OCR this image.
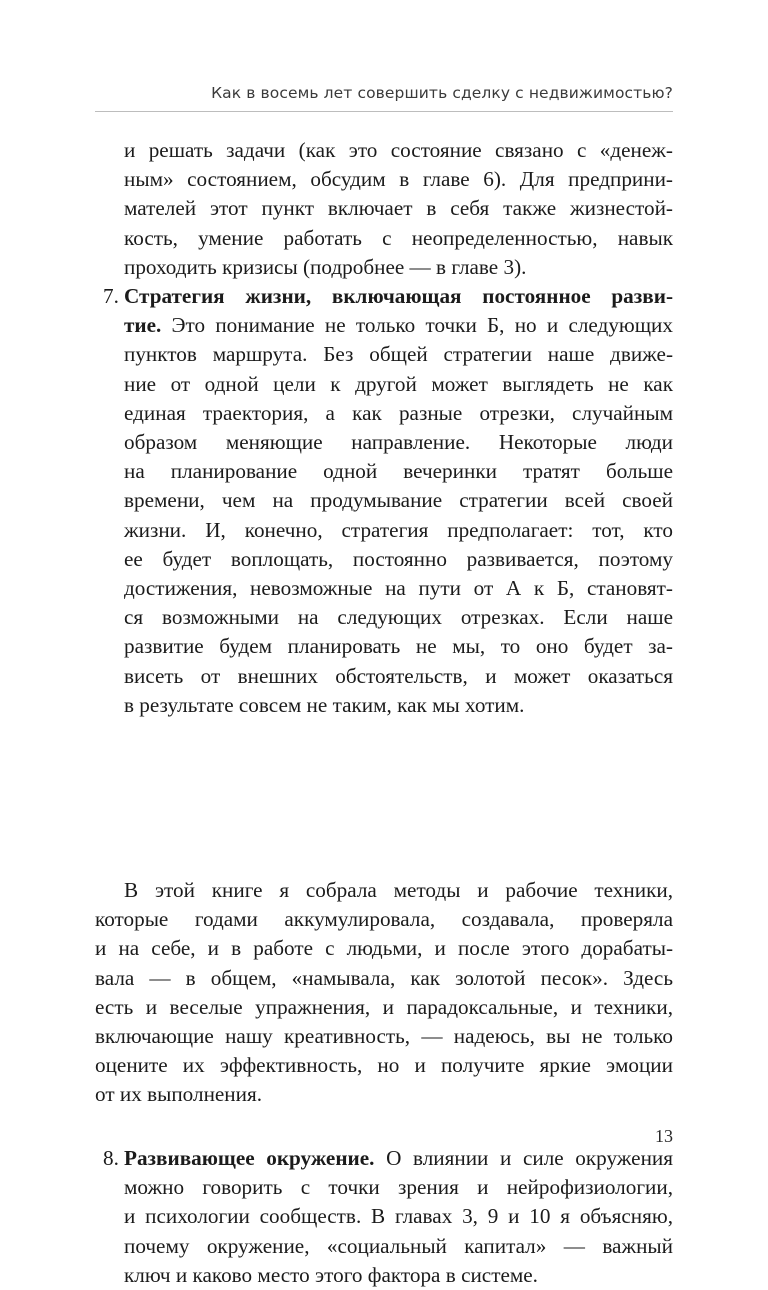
Как в восемь лет совершить сделку с недвижимостью?
и решать задачи (как это состояние связано с «денеж-
ным» состоянием, обсудим в главе 6). Для предприни-
мателей этот пункт включает в себя также жизнестой-
кость, умение работать с неопределенностью, навык
проходить кризисы (подробнее — в главе 3).
7. Стратегия жизни, включающая постоянное разви-
тие. Это понимание не только точки Б, но и следующих
пунктов маршрута. Без общей стратегии наше движе-
ние от одной цели к другой может выглядеть не как
единая траектория, а как разные отрезки, случайным
образом меняющие направление. Некоторые люди
на планирование одной вечеринки тратят больше
времени, чем на продумывание стратегии всей своей
жизни. И, конечно, стратегия предполагает: тот, кто
ее будет воплощать, постоянно развивается, поэтому
достижения, невозможные на пути от А к Б, становят-
ся возможными на следующих отрезках. Если наше
развитие будем планировать не мы, то оно будет за-
висеть от внешних обстоятельств, и может оказаться
в результате совсем не таким, как мы хотим.
8. Развивающее окружение. О влиянии и силе окружения
можно говорить с точки зрения и нейрофизиологии,
и психологии сообществ. В главах 3, 9 и 10 я объясняю,
почему окружение, «социальный капитал» — важный
ключ и каково место этого фактора в системе.
В этой книге я собрала методы и рабочие техники,
которые годами аккумулировала, создавала, проверяла
и на себе, и в работе с людьми, и после этого дорабаты-
вала — в общем, «намывала, как золотой песок». Здесь
есть и веселые упражнения, и парадоксальные, и техники,
включающие нашу креативность, — надеюсь, вы не только
оцените их эффективность, но и получите яркие эмоции
от их выполнения.
13
